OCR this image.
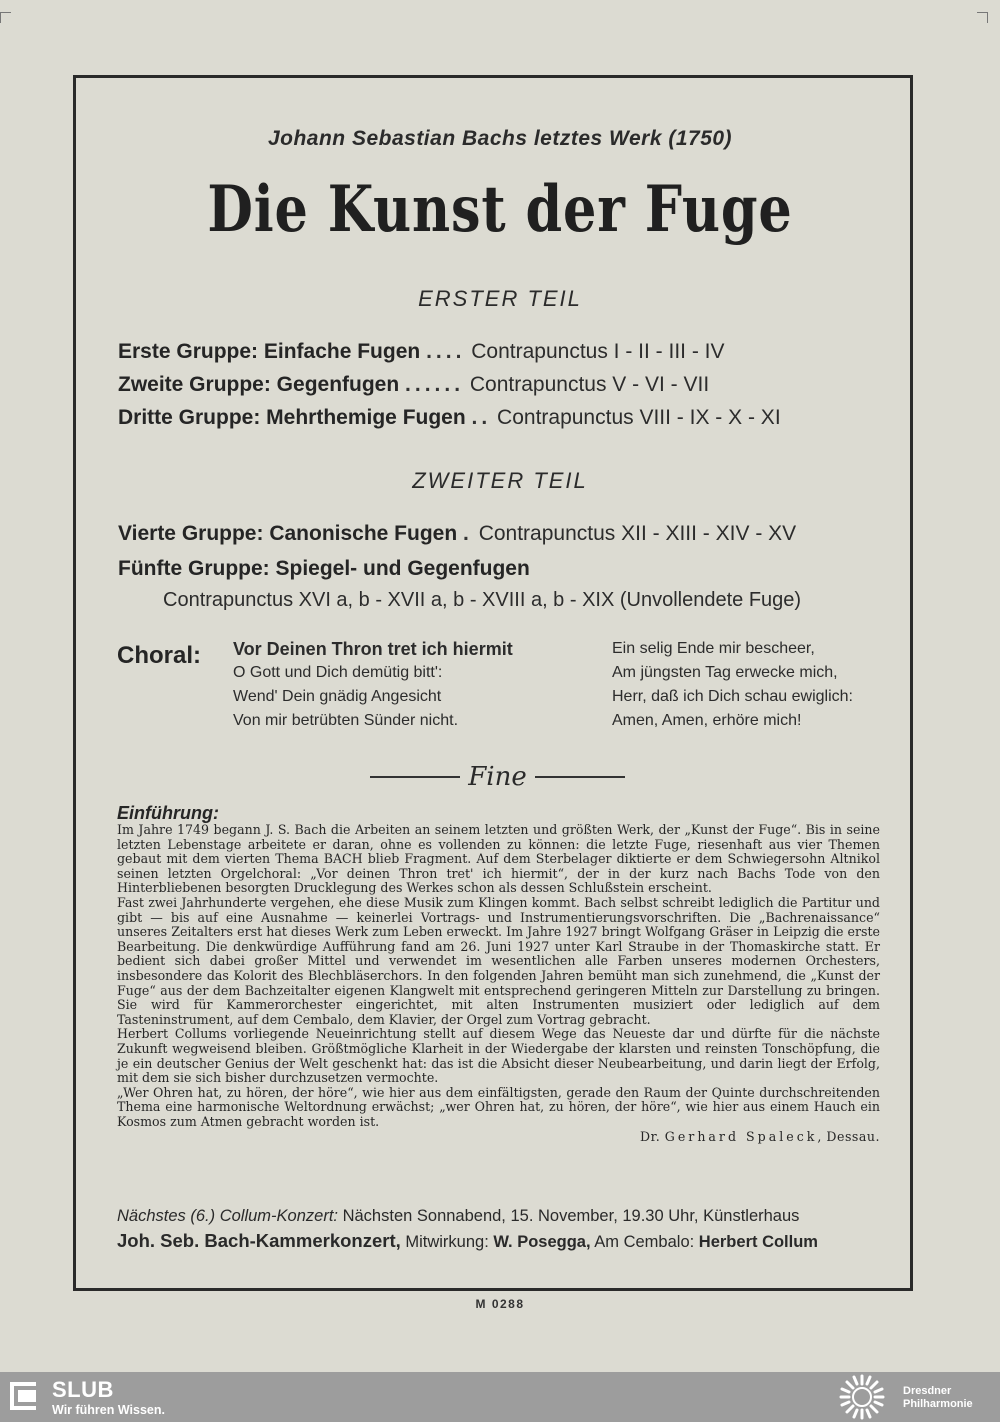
Johann Sebastian Bachs letztes Werk (1750)
Die Kunst der Fuge
ERSTER TEIL
Erste Gruppe: Einfache Fugen .... Contrapunctus I - II - III - IV
Zweite Gruppe: Gegenfugen ...... Contrapunctus V - VI - VII
Dritte Gruppe: Mehrthemige Fugen .. Contrapunctus VIII - IX - X - XI
ZWEITER TEIL
Vierte Gruppe: Canonische Fugen . Contrapunctus XII - XIII - XIV - XV
Fünfte Gruppe: Spiegel- und Gegenfugen
Contrapunctus XVI a, b - XVII a, b - XVIII a, b - XIX (Unvollendete Fuge)
Choral: Vor Deinen Thron tret ich hiermit
O Gott und Dich demütig bitt':
Wend' Dein gnädig Angesicht
Von mir betrübten Sünder nicht.
Ein selig Ende mir bescheer,
Am jüngsten Tag erwecke mich,
Herr, daß ich Dich schau ewiglich:
Amen, Amen, erhöre mich!
Fine
Einführung:

Im Jahre 1749 begann J. S. Bach die Arbeiten an seinem letzten und größten Werk, der „Kunst der Fuge“. Bis in seine letzten Lebenstage arbeitete er daran, ohne es vollenden zu können: die letzte Fuge, riesenhaft aus vier Themen gebaut mit dem vierten Thema BACH blieb Fragment. Auf dem Sterbelager diktierte er dem Schwiegersohn Altnikol seinen letzten Orgelchoral: „Vor deinen Thron tret' ich hiermit“, der in der kurz nach Bachs Tode von den Hinterbliebenen besorgten Drucklegung des Werkes schon als dessen Schlußstein erscheint.

Fast zwei Jahrhunderte vergehen, ehe diese Musik zum Klingen kommt. Bach selbst schreibt lediglich die Partitur und gibt — bis auf eine Ausnahme — keinerlei Vortrags- und Instrumentierungsvorschriften. Die „Bachrenaissance“ unseres Zeitalters erst hat dieses Werk zum Leben erweckt. Im Jahre 1927 bringt Wolfgang Gräser in Leipzig die erste Bearbeitung. Die denkwürdige Aufführung fand am 26. Juni 1927 unter Karl Straube in der Thomaskirche statt. Er bedient sich dabei großer Mittel und verwendet im wesentlichen alle Farben unseres modernen Orchesters, insbesondere das Kolorit des Blechbläserchors. In den folgenden Jahren bemüht man sich zunehmend, die „Kunst der Fuge“ aus der dem Bachzeitalter eigenen Klangwelt mit entsprechend geringeren Mitteln zur Darstellung zu bringen. Sie wird für Kammerorchester eingerichtet, mit alten Instrumenten musiziert oder lediglich auf dem Tasteninstrument, auf dem Cembalo, dem Klavier, der Orgel zum Vortrag gebracht.

Herbert Collums vorliegende Neueinrichtung stellt auf diesem Wege das Neueste dar und dürfte für die nächste Zukunft wegweisend bleiben. Größtmögliche Klarheit in der Wiedergabe der klarsten und reinsten Tonschöpfung, die je ein deutscher Genius der Welt geschenkt hat: das ist die Absicht dieser Neubearbeitung, und darin liegt der Erfolg, mit dem sie sich bisher durchzusetzen vermochte.

„Wer Ohren hat, zu hören, der höre“, wie hier aus dem einfältigsten, gerade den Raum der Quinte durchschreitenden Thema eine harmonische Weltordnung erwächst; „wer Ohren hat, zu hören, der höre“, wie hier aus einem Hauch ein Kosmos zum Atmen gebracht worden ist.

Dr. Gerhard Spaleck, Dessau.
Nächstes (6.) Collum-Konzert: Nächsten Sonnabend, 15. November, 19.30 Uhr, Künstlerhaus
Joh. Seb. Bach-Kammerkonzert, Mitwirkung: W. Posegga, Am Cembalo: Herbert Collum
M 0288
SLUB
Wir führen Wissen.
Dresdner
Philharmonie
